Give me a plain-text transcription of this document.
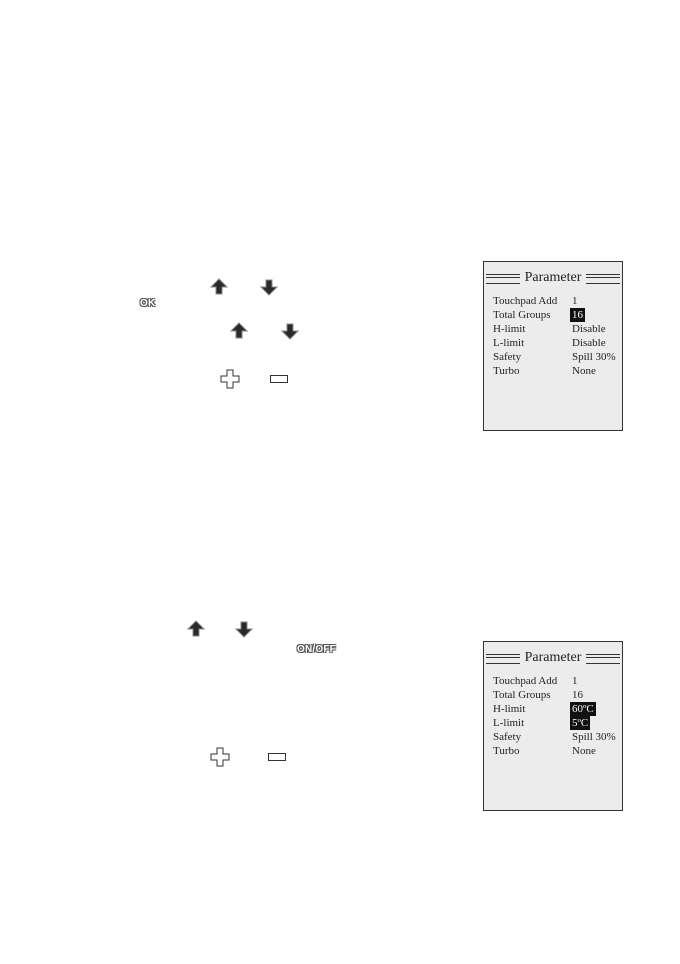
OK
Parameter
Touchpad Add 1
Total Groups 16
H-limit	Disable
L-limit	Disable
Safety	Spill 30%
Turbo	None
ON/OFF
Parameter
Touchpad Add 1
Total Groups 16
H-limit	60ºC
L-limit	5ºC
Safety	Spill 30%
Turbo	None
